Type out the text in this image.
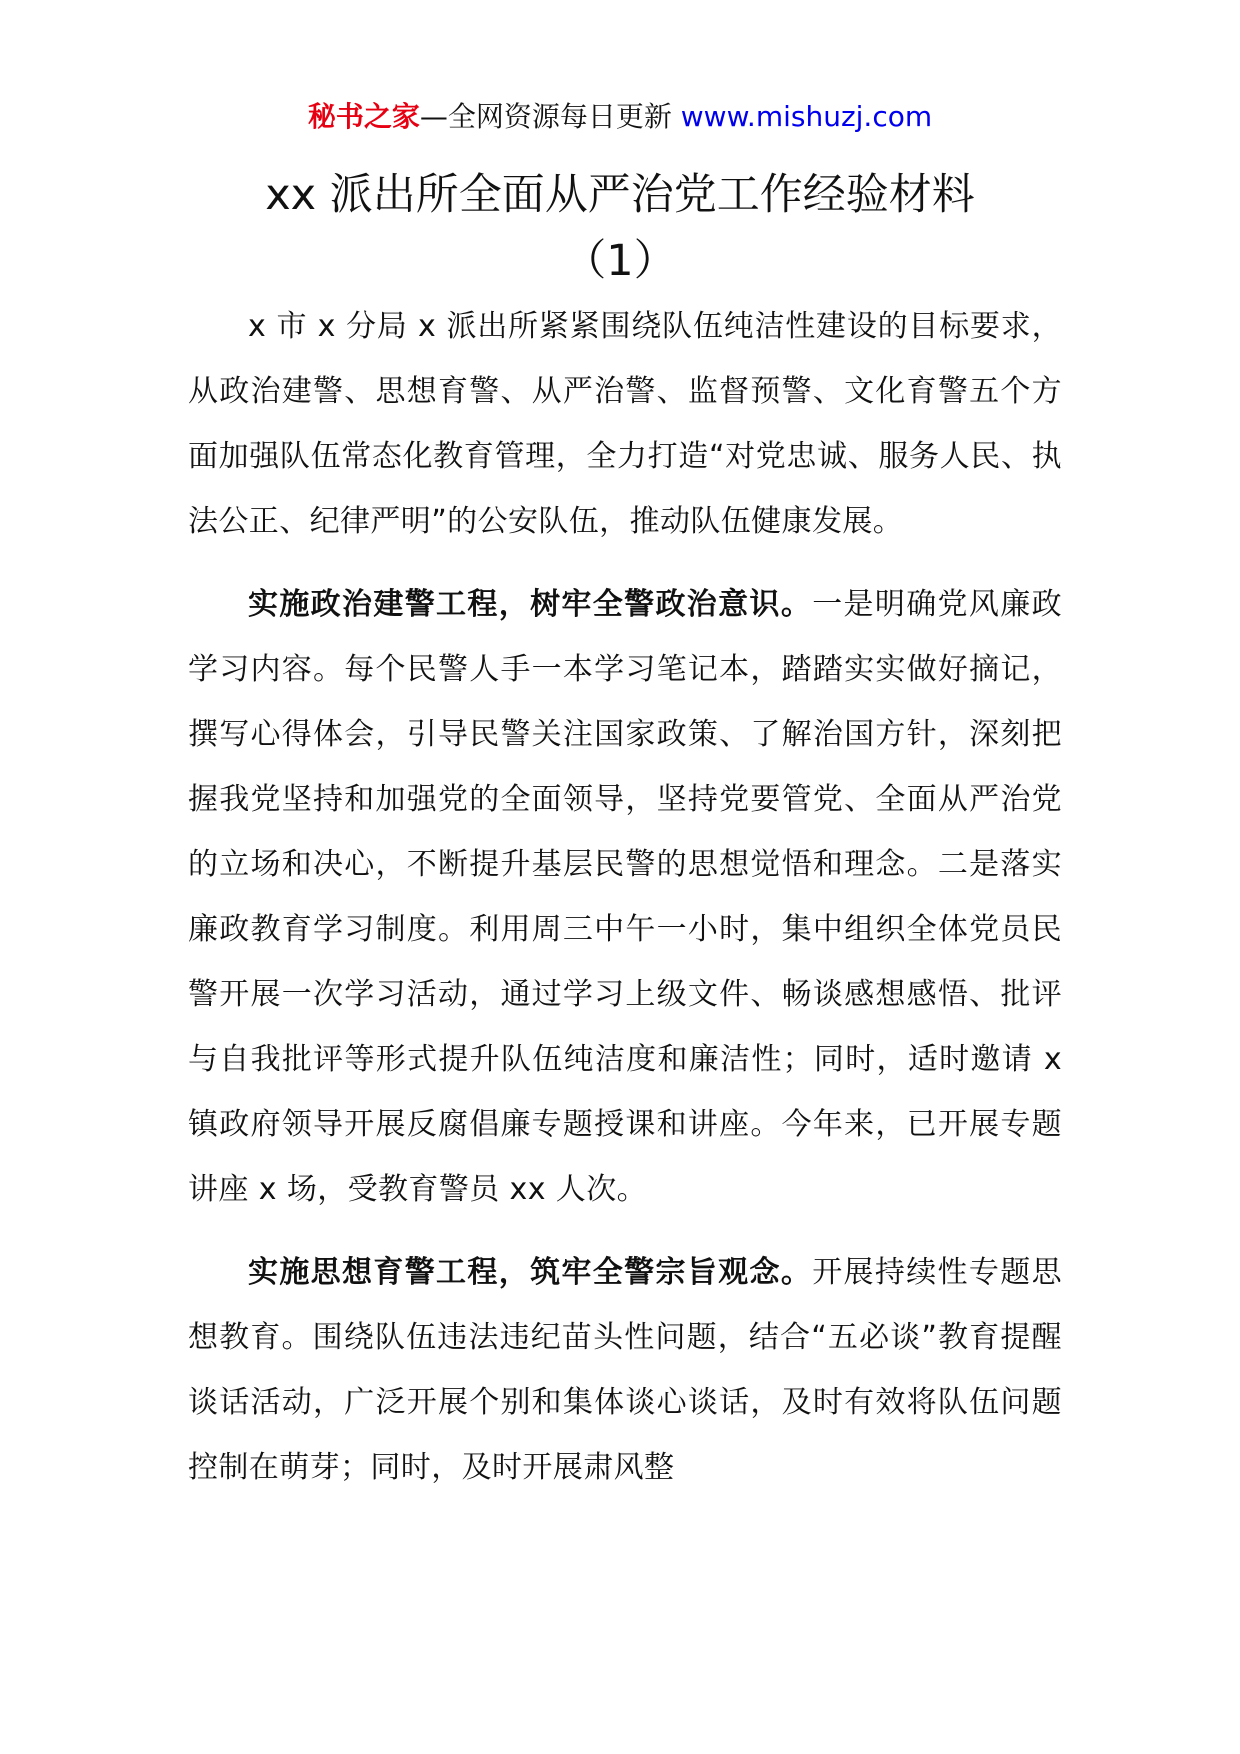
秘书之家—全网资源每日更新 www.mishuzj.com
xx 派出所全面从严治党工作经验材料
（1）

x 市 x 分局 x 派出所紧紧围绕队伍纯洁性建设的目标要求，从政治建警、思想育警、从严治警、监督预警、文化育警五个方面加强队伍常态化教育管理，全力打造“对党忠诚、服务人民、执法公正、纪律严明”的公安队伍，推动队伍健康发展。

实施政治建警工程，树牢全警政治意识。一是明确党风廉政学习内容。每个民警人手一本学习笔记本，踏踏实实做好摘记，撰写心得体会，引导民警关注国家政策、了解治国方针，深刻把握我党坚持和加强党的全面领导，坚持党要管党、全面从严治党的立场和决心，不断提升基层民警的思想觉悟和理念。二是落实廉政教育学习制度。利用周三中午一小时，集中组织全体党员民警开展一次学习活动，通过学习上级文件、畅谈感想感悟、批评与自我批评等形式提升队伍纯洁度和廉洁性；同时，适时邀请 x 镇政府领导开展反腐倡廉专题授课和讲座。今年来，已开展专题讲座 x 场，受教育警员 xx 人次。

实施思想育警工程，筑牢全警宗旨观念。开展持续性专题思想教育。围绕队伍违法违纪苗头性问题，结合“五必谈”教育提醒谈话活动，广泛开展个别和集体谈心谈话，及时有效将队伍问题控制在萌芽；同时，及时开展肃风整
